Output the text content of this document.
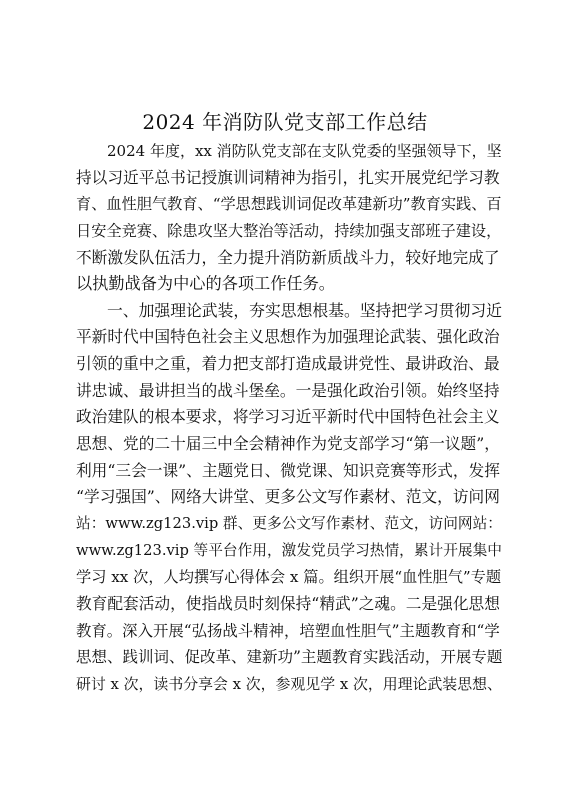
2024 年消防队党支部工作总结
2024 年度，xx 消防队党支部在支队党委的坚强领导下，坚
持以习近平总书记授旗训词精神为指引，扎实开展党纪学习教
育、血性胆气教育、“学思想践训词促改革建新功”教育实践、百
日安全竞赛、除患攻坚大整治等活动，持续加强支部班子建设，
不断激发队伍活力，全力提升消防新质战斗力，较好地完成了
以执勤战备为中心的各项工作任务。
一、加强理论武装，夯实思想根基。坚持把学习贯彻习近
平新时代中国特色社会主义思想作为加强理论武装、强化政治
引领的重中之重，着力把支部打造成最讲党性、最讲政治、最
讲忠诚、最讲担当的战斗堡垒。一是强化政治引领。始终坚持
政治建队的根本要求，将学习习近平新时代中国特色社会主义
思想、党的二十届三中全会精神作为党支部学习“第一议题”，
利用“三会一课”、主题党日、微党课、知识竞赛等形式，发挥
“学习强国”、网络大讲堂、更多公文写作素材、范文，访问网
站：www.zg123.vip 群、更多公文写作素材、范文，访问网站：
www.zg123.vip 等平台作用，激发党员学习热情，累计开展集中
学习 xx 次，人均撰写心得体会 x 篇。组织开展“血性胆气”专题
教育配套活动，使指战员时刻保持“精武”之魂。二是强化思想
教育。深入开展“弘扬战斗精神，培塑血性胆气”主题教育和“学
思想、践训词、促改革、建新功”主题教育实践活动，开展专题
研讨 x 次，读书分享会 x 次，参观见学 x 次，用理论武装思想、
